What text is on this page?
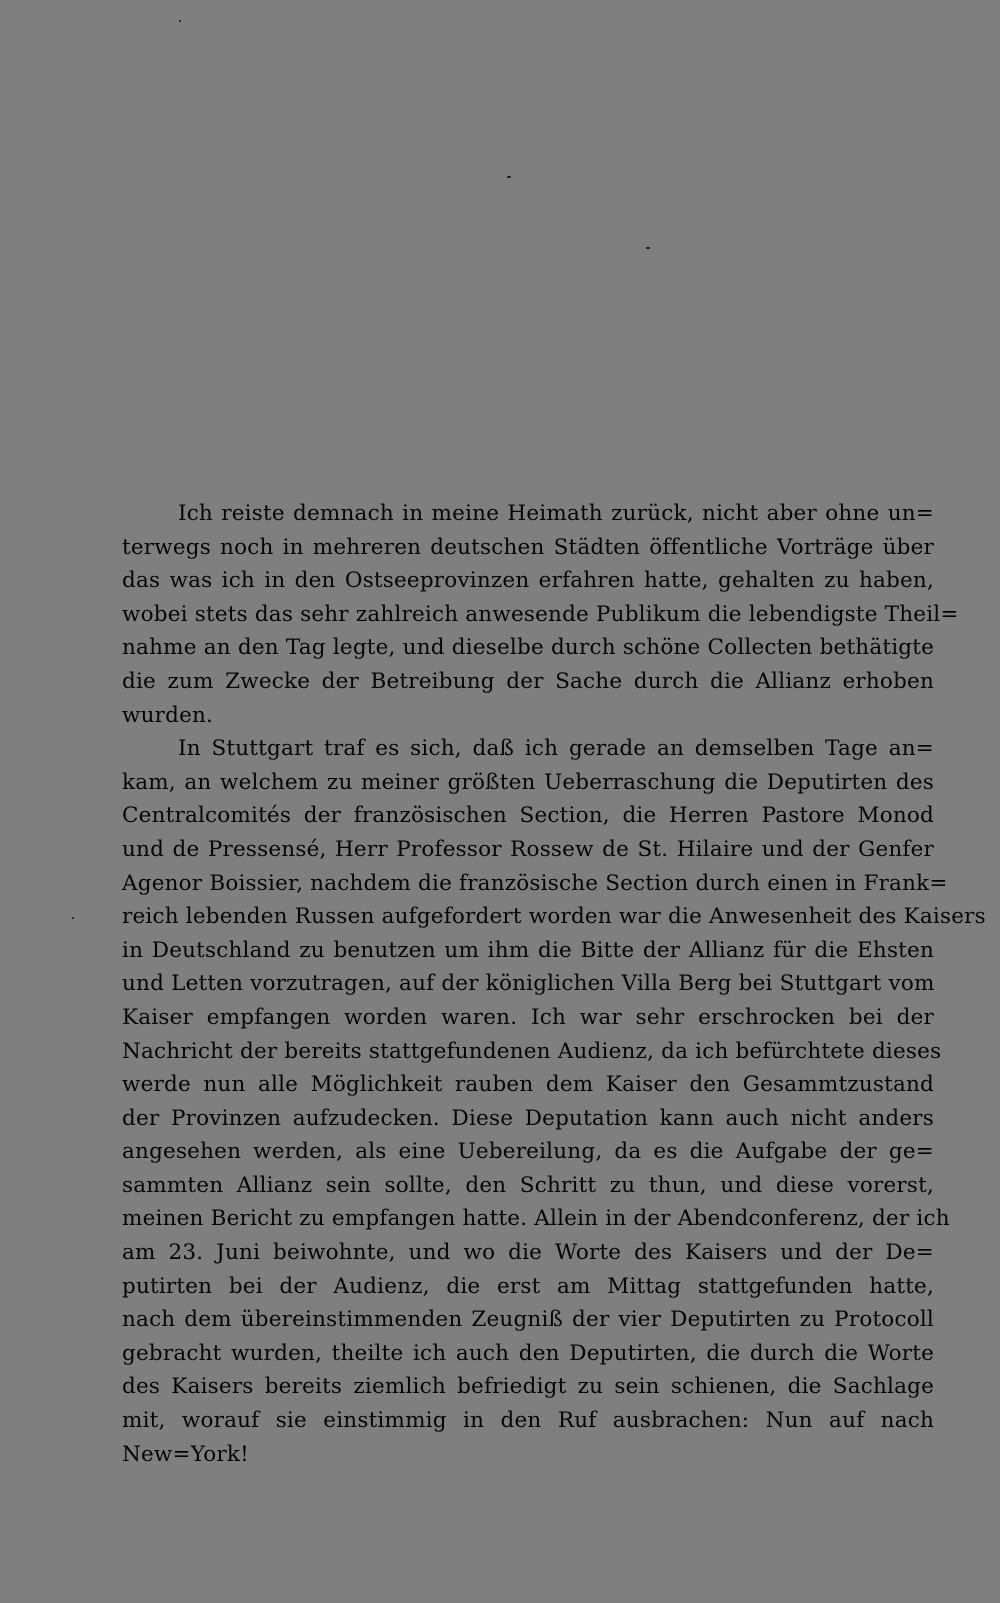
Ich reiste demnach in meine Heimath zurück, nicht aber ohne un=
terwegs noch in mehreren deutschen Städten öffentliche Vorträge über
das was ich in den Ostseeprovinzen erfahren hatte, gehalten zu haben,
wobei stets das sehr zahlreich anwesende Publikum die lebendigste Theil=
nahme an den Tag legte, und dieselbe durch schöne Collecten bethätigte
die zum Zwecke der Betreibung der Sache durch die Allianz erhoben
wurden.
In Stuttgart traf es sich, daß ich gerade an demselben Tage an=
kam, an welchem zu meiner größten Ueberraschung die Deputirten des
Centralcomités der französischen Section, die Herren Pastore Monod
und de Pressensé, Herr Professor Rossew de St. Hilaire und der Genfer
Agenor Boissier, nachdem die französische Section durch einen in Frank=
reich lebenden Russen aufgefordert worden war die Anwesenheit des Kaisers
in Deutschland zu benutzen um ihm die Bitte der Allianz für die Ehsten
und Letten vorzutragen, auf der königlichen Villa Berg bei Stuttgart vom
Kaiser empfangen worden waren. Ich war sehr erschrocken bei der
Nachricht der bereits stattgefundenen Audienz, da ich befürchtete dieses
werde nun alle Möglichkeit rauben dem Kaiser den Gesammtzustand
der Provinzen aufzudecken. Diese Deputation kann auch nicht anders
angesehen werden, als eine Uebereilung, da es die Aufgabe der ge=
sammten Allianz sein sollte, den Schritt zu thun, und diese vorerst,
meinen Bericht zu empfangen hatte. Allein in der Abendconferenz, der ich
am 23. Juni beiwohnte, und wo die Worte des Kaisers und der De=
putirten bei der Audienz, die erst am Mittag stattgefunden hatte,
nach dem übereinstimmenden Zeugniß der vier Deputirten zu Protocoll
gebracht wurden, theilte ich auch den Deputirten, die durch die Worte
des Kaisers bereits ziemlich befriedigt zu sein schienen, die Sachlage
mit, worauf sie einstimmig in den Ruf ausbrachen: Nun auf nach
New=York!
